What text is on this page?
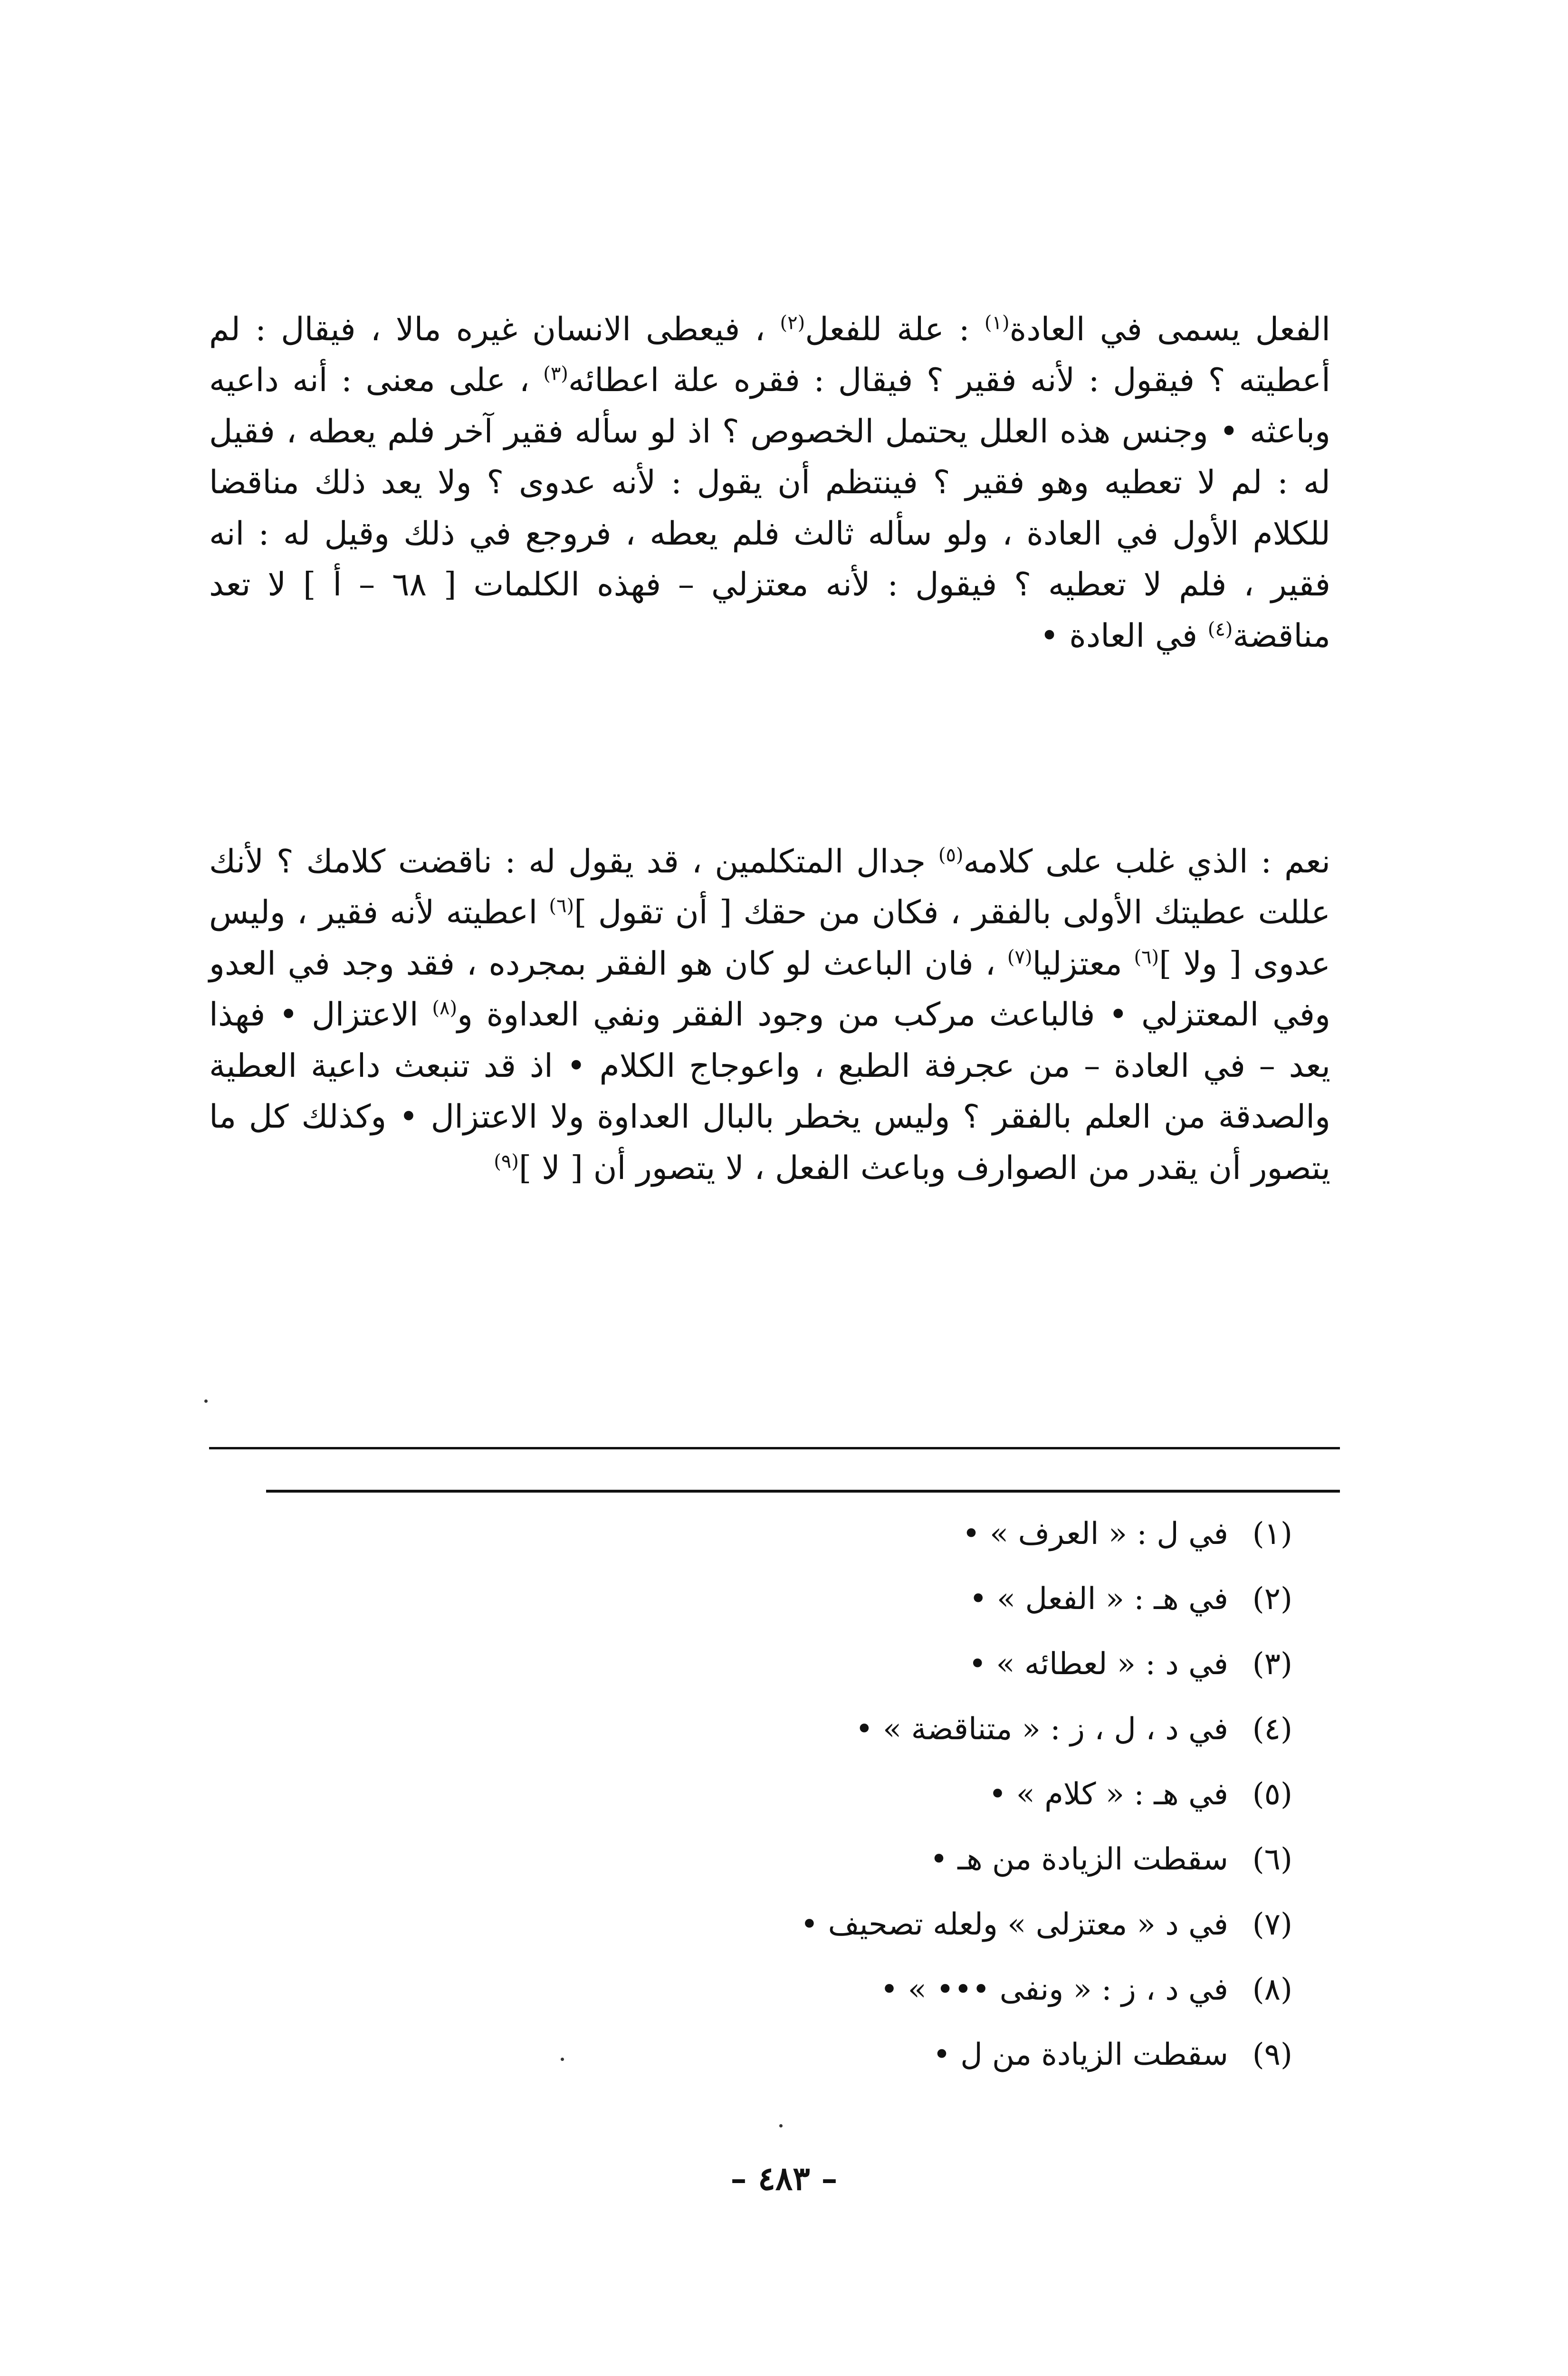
الفعل يسمى في العادة$^{(١)}$ : علة للفعل$^{(٢)}$ ، فيعطى الانسان غيره مالا ، فيقال : لم أعطيته ؟ فيقول : لأنه فقير ؟ فيقال : فقره علة اعطائه$^{(٣)}$ ، على معنى : أنه داعيه وباعثه • وجنس هذه العلل يحتمل الخصوص ؟ اذ لو سأله فقير آخر فلم يعطه ، فقيل له : لم لا تعطيه وهو فقير ؟ فينتظم أن يقول : لأنه عدوى ؟ ولا يعد ذلك مناقضا للكلام الأول في العادة ، ولو سأله ثالث فلم يعطه ، فروجع في ذلك وقيل له : انه فقير ، فلم لا تعطيه ؟ فيقول : لأنه معتزلي – فهذه الكلمات [ ٦٨ – أ ] لا تعد مناقضة$^{(٤)}$ في العادة •
نعم : الذي غلب على كلامه$^{(٥)}$ جدال المتكلمين ، قد يقول له : ناقضت كلامك ؟ لأنك عللت عطيتك الأولى بالفقر ، فكان من حقك [ أن تقول ]$^{(٦)}$ اعطيته لأنه فقير ، وليس عدوى [ ولا ]$^{(٦)}$ معتزليا$^{(٧)}$ ، فان الباعث لو كان هو الفقر بمجرده ، فقد وجد في العدو وفي المعتزلي • فالباعث مركب من وجود الفقر ونفي العداوة و$^{(٨)}$ الاعتزال • فهذا يعد – في العادة – من عجرفة الطبع ، واعوجاج الكلام • اذ قد تنبعث داعية العطية والصدقة من العلم بالفقر ؟ وليس يخطر بالبال العداوة ولا الاعتزال • وكذلك كل ما يتصور أن يقدر من الصوارف وباعث الفعل ، لا يتصور أن [ لا ]$^{(٩)}$
(١)
في ل : « العرف » •
(٢)
في هـ : « الفعل » •
(٣)
في د : « لعطائه » •
(٤)
في د ، ل ، ز : « متناقضة » •
(٥)
في هـ : « كلام » •
(٦)
سقطت الزيادة من هـ •
(٧)
في د « معتزلى » ولعله تصحيف •
(٨)
في د ، ز : « ونفى ••• » •
(٩)
سقطت الزيادة من ل •
– ٤٨٣ –
